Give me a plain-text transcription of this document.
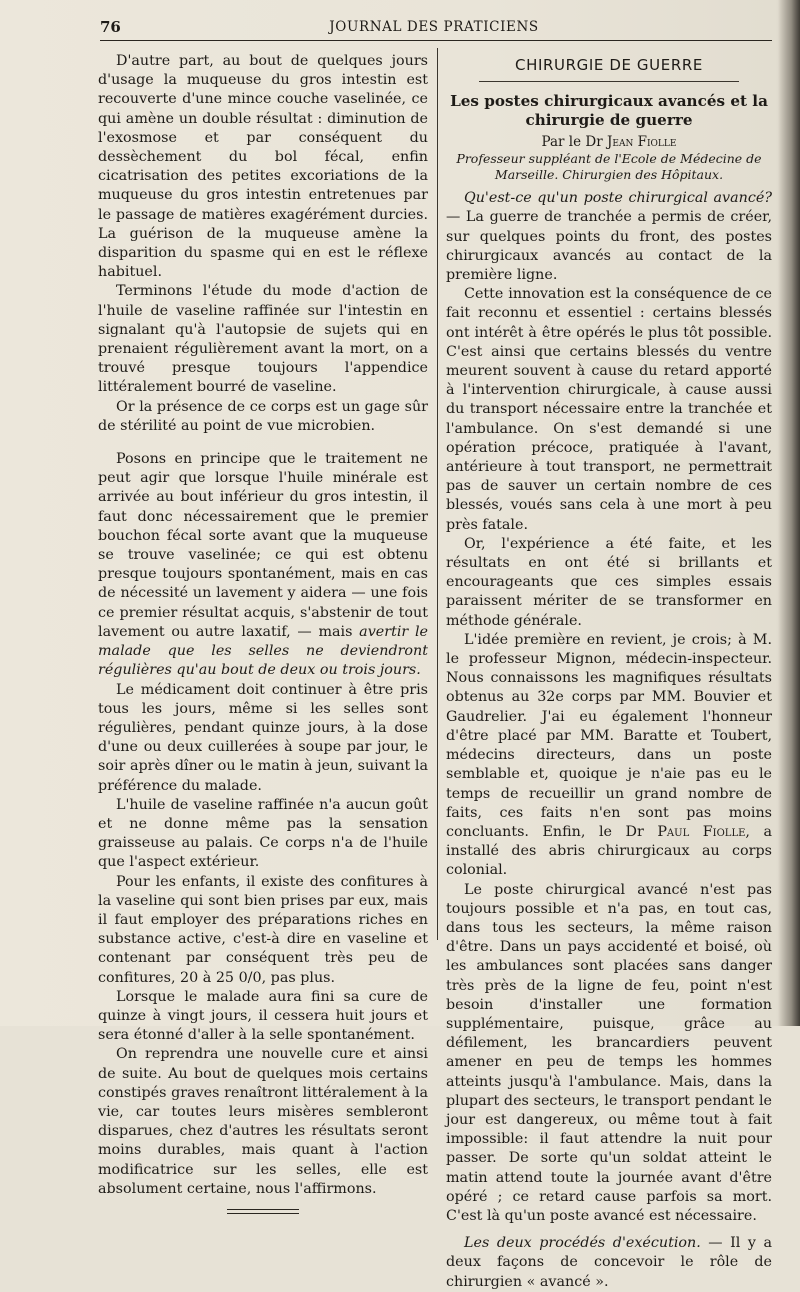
76	JOURNAL DES PRATICIENS

D'autre part, au bout de quelques jours d'usage la muqueuse du gros intestin est recouverte d'une mince couche vaselinée, ce qui amène un double résultat : diminution de l'exosmose et par conséquent du dessèchement du bol fécal, enfin cicatrisation des petites excoriations de la muqueuse du gros intestin entretenues par le passage de matières exagérément durcies. La guérison de la muqueuse amène la disparition du spasme qui en est le réflexe habituel.

Terminons l'étude du mode d'action de l'huile de vaseline raffinée sur l'intestin en signalant qu'à l'autopsie de sujets qui en prenaient régulièrement avant la mort, on a trouvé presque toujours l'appendice littéralement bourré de vaseline.

Or la présence de ce corps est un gage sûr de stérilité au point de vue microbien.

Posons en principe que le traitement ne peut agir que lorsque l'huile minérale est arrivée au bout inférieur du gros intestin, il faut donc nécessairement que le premier bouchon fécal sorte avant que la muqueuse se trouve vaselinée; ce qui est obtenu presque toujours spontanément, mais en cas de nécessité un lavement y aidera — une fois ce premier résultat acquis, s'abstenir de tout lavement ou autre laxatif, — mais avertir le malade que les selles ne deviendront régulières qu'au bout de deux ou trois jours.

Le médicament doit continuer à être pris tous les jours, même si les selles sont régulières, pendant quinze jours, à la dose d'une ou deux cuillerées à soupe par jour, le soir après dîner ou le matin à jeun, suivant la préférence du malade.

L'huile de vaseline raffinée n'a aucun goût et ne donne même pas la sensation graisseuse au palais. Ce corps n'a de l'huile que l'aspect extérieur.

Pour les enfants, il existe des confitures à la vaseline qui sont bien prises par eux, mais il faut employer des préparations riches en substance active, c'est-à dire en vaseline et contenant par conséquent très peu de confitures, 20 à 25 0/0, pas plus.

Lorsque le malade aura fini sa cure de quinze à vingt jours, il cessera huit jours et sera étonné d'aller à la selle spontanément.

On reprendra une nouvelle cure et ainsi de suite. Au bout de quelques mois certains constipés graves renaîtront littéralement à la vie, car toutes leurs misères sembleront disparues, chez d'autres les résultats seront moins durables, mais quant à l'action modificatrice sur les selles, elle est absolument certaine, nous l'affirmons.

CHIRURGIE DE GUERRE
Les postes chirurgicaux avancés et la chirurgie de guerre
Par le Dr Jean Fiolle
Professeur suppléant de l'Ecole de Médecine de Marseille. Chirurgien des Hôpitaux.

Qu'est-ce qu'un poste chirurgical avancé? — La guerre de tranchée a permis de créer, sur quelques points du front, des postes chirurgicaux avancés au contact de la première ligne.

Cette innovation est la conséquence de ce fait reconnu et essentiel : certains blessés ont intérêt à être opérés le plus tôt possible. C'est ainsi que certains blessés du ventre meurent souvent à cause du retard apporté à l'intervention chirurgicale, à cause aussi du transport nécessaire entre la tranchée et l'ambulance. On s'est demandé si une opération précoce, pratiquée à l'avant, antérieure à tout transport, ne permettrait pas de sauver un certain nombre de ces blessés, voués sans cela à une mort à peu près fatale.

Or, l'expérience a été faite, et les résultats en ont été si brillants et encourageants que ces simples essais paraissent mériter de se transformer en méthode générale.

L'idée première en revient, je crois; à M. le professeur Mignon, médecin-inspecteur. Nous connaissons les magnifiques résultats obtenus au 32e corps par MM. Bouvier et Gaudrelier. J'ai eu également l'honneur d'être placé par MM. Baratte et Toubert, médecins directeurs, dans un poste semblable et, quoique je n'aie pas eu le temps de recueillir un grand nombre de faits, ces faits n'en sont pas moins concluants. Enfin, le Dr Paul Fiolle, a installé des abris chirurgicaux au corps colonial.

Le poste chirurgical avancé n'est pas toujours possible et n'a pas, en tout cas, dans tous les secteurs, la même raison d'être. Dans un pays accidenté et boisé, où les ambulances sont placées sans danger très près de la ligne de feu, point n'est besoin d'installer une formation supplémentaire, puisque, grâce au défilement, les brancardiers peuvent amener en peu de temps les hommes atteints jusqu'à l'ambulance. Mais, dans la plupart des secteurs, le transport pendant le jour est dangereux, ou même tout à fait impossible: il faut attendre la nuit pour passer. De sorte qu'un soldat atteint le matin attend toute la journée avant d'être opéré ; ce retard cause parfois sa mort. C'est là qu'un poste avancé est nécessaire.

Les deux procédés d'exécution. — Il y a deux façons de concevoir le rôle de chirurgien « avancé ».
